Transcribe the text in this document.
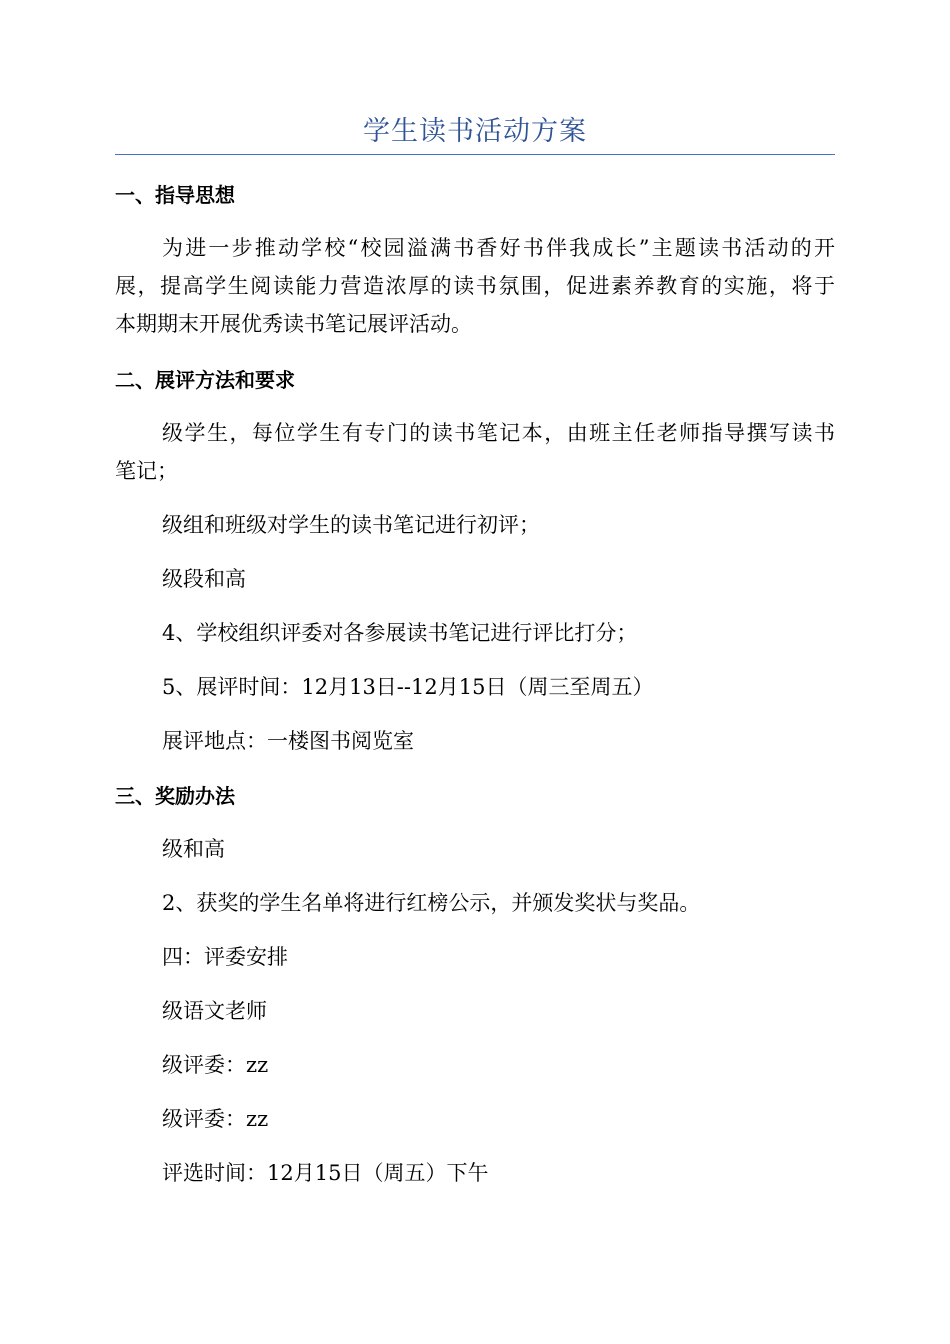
学生读书活动方案
一、指导思想
为进一步推动学校“校园溢满书香好书伴我成长”主题读书活动的开
展，提高学生阅读能力营造浓厚的读书氛围，促进素养教育的实施，将于
本期期末开展优秀读书笔记展评活动。
二、展评方法和要求
级学生，每位学生有专门的读书笔记本，由班主任老师指导撰写读书
笔记；
级组和班级对学生的读书笔记进行初评；
级段和高
4、学校组织评委对各参展读书笔记进行评比打分；
5、展评时间：12月13日--12月15日（周三至周五）
展评地点：一楼图书阅览室
三、奖励办法
级和高
2、获奖的学生名单将进行红榜公示，并颁发奖状与奖品。
四：评委安排
级语文老师
级评委：zz
级评委：zz
评选时间：12月15日（周五）下午
